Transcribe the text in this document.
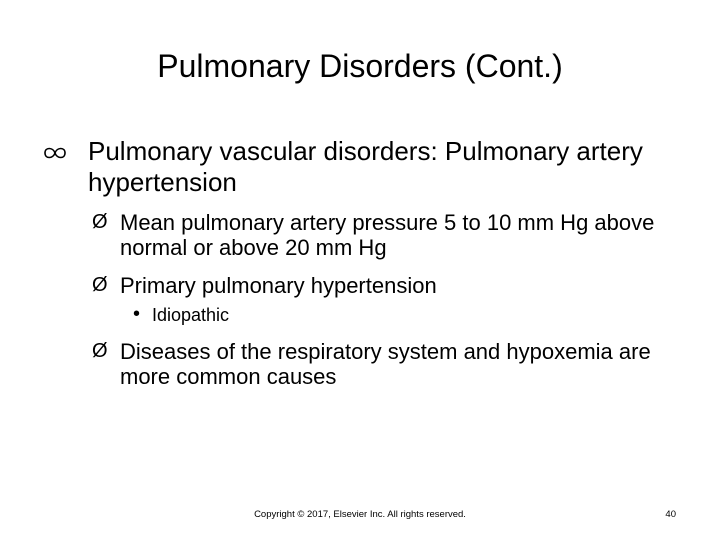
Pulmonary Disorders (Cont.)
Pulmonary vascular disorders: Pulmonary artery hypertension
Ø Mean pulmonary artery pressure 5 to 10 mm Hg above normal or above 20 mm Hg
Ø Primary pulmonary hypertension
• Idiopathic
Ø Diseases of the respiratory system and hypoxemia are more common causes
Copyright © 2017, Elsevier Inc. All rights reserved.	40
